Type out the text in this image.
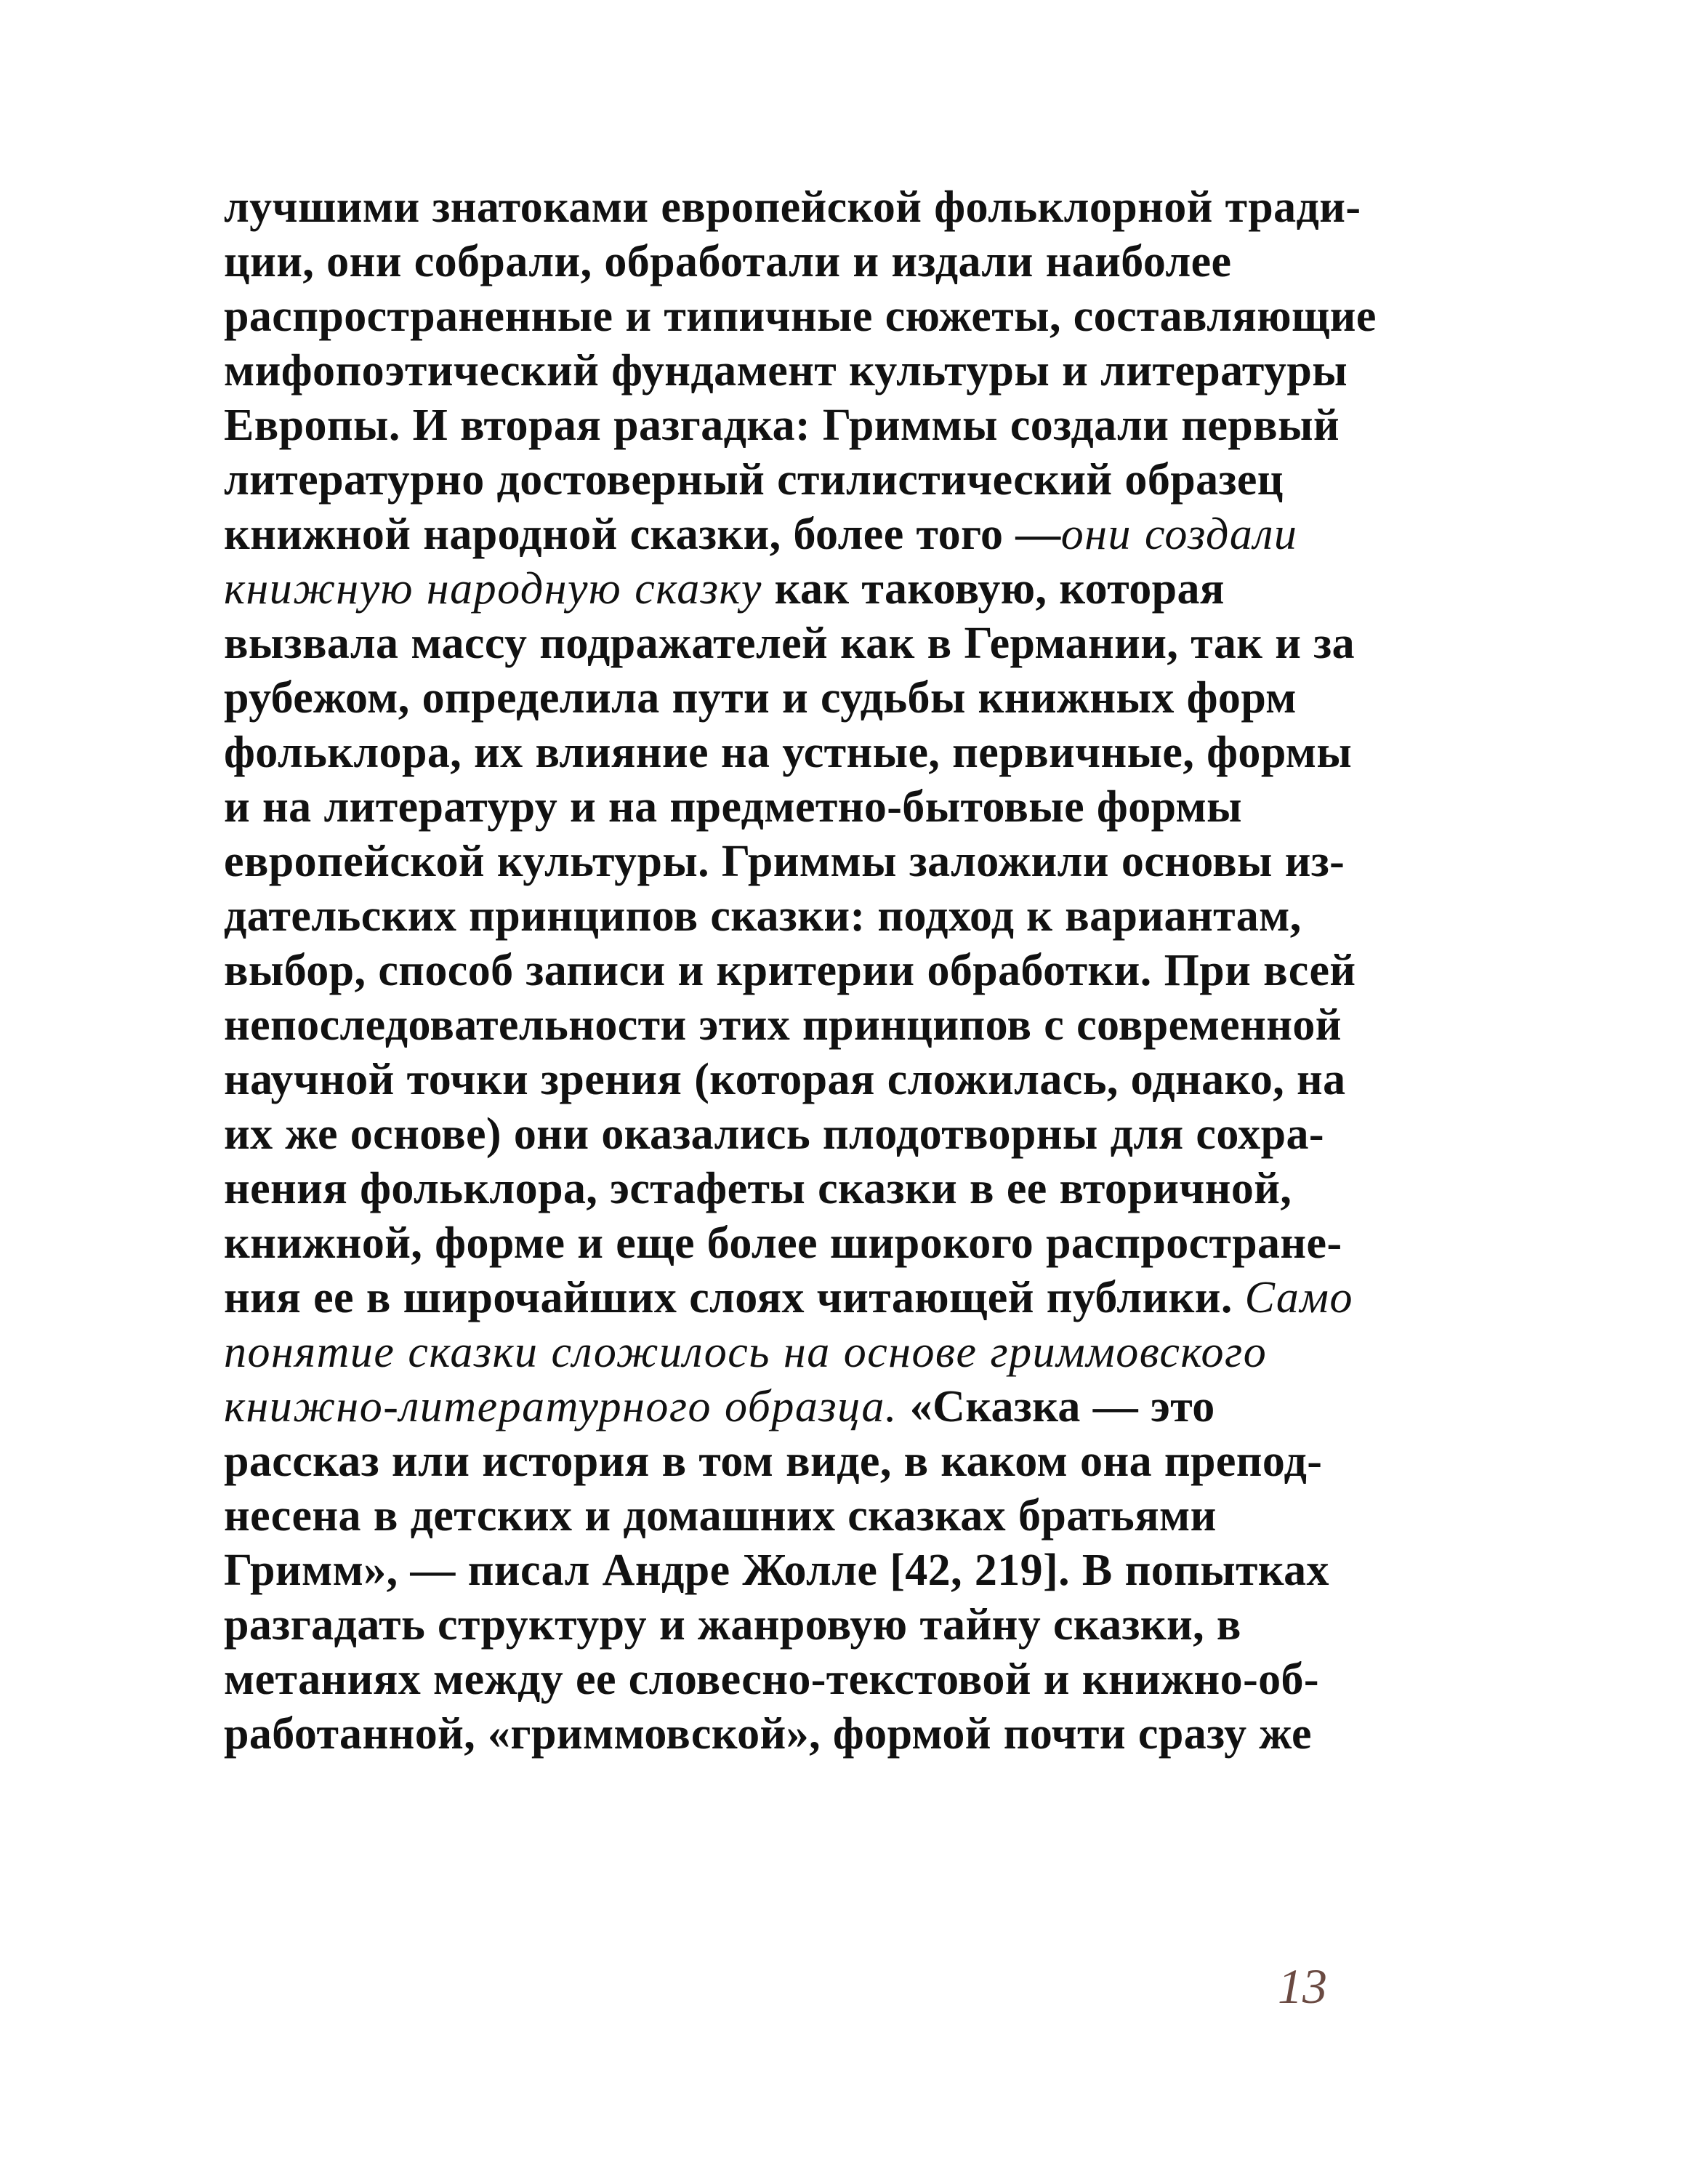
лучшими знатоками европейской фольклорной тради-
ции, они собрали, обработали и издали наиболее
распространенные и типичные сюжеты, составляющие
мифопоэтический фундамент культуры и литературы
Европы. И вторая разгадка: Гриммы создали первый
литературно достоверный стилистический образец
книжной народной сказки, более того —они создали
книжную народную сказку как таковую, которая
вызвала массу подражателей как в Германии, так и за
рубежом, определила пути и судьбы книжных форм
фольклора, их влияние на устные, первичные, формы
и на литературу и на предметно-бытовые формы
европейской культуры. Гриммы заложили основы из-
дательских принципов сказки: подход к вариантам,
выбор, способ записи и критерии обработки. При всей
непоследовательности этих принципов с современной
научной точки зрения (которая сложилась, однако, на
их же основе) они оказались плодотворны для сохра-
нения фольклора, эстафеты сказки в ее вторичной,
книжной, форме и еще более широкого распростране-
ния ее в широчайших слоях читающей публики. Само
понятие сказки сложилось на основе гриммовского
книжно-литературного образца. «Сказка — это
рассказ или история в том виде, в каком она препод-
несена в детских и домашних сказках братьями
Гримм», — писал Андре Жолле [42, 219]. В попытках
разгадать структуру и жанровую тайну сказки, в
метаниях между ее словесно-текстовой и книжно-об-
работанной, «гриммовской», формой почти сразу же
13
